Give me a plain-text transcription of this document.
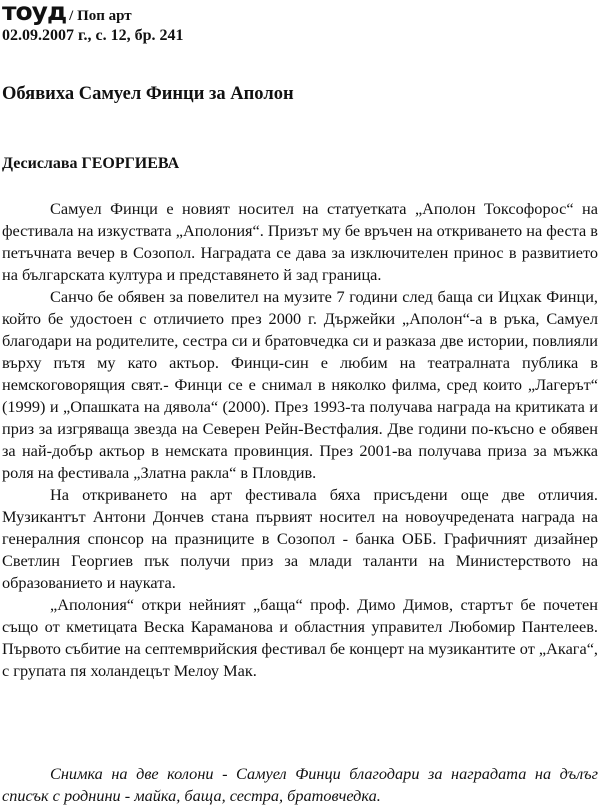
тоуд / Поп арт
02.09.2007 г., с. 12, бр. 241
Обявиха Самуел Финци за Аполон
Десислава ГЕОРГИЕВА

Самуел Финци е новият носител на статуетката „Аполон Токсофорос“ на фестивала на изкуствата „Аполония“. Призът му бе връчен на откриването на феста в петъчната вечер в Созопол. Наградата се дава за изключителен принос в развитието на българската култура и представянето й зад граница.

Санчо бе обявен за повелител на музите 7 години след баща си Ицхак Финци, който бе удостоен с отличието през 2000 г. Държейки „Аполон“-а в ръка, Самуел благодари на родителите, сестра си и братовчедка си и разказа две истории, повлияли върху пътя му като актьор. Финци-син е любим на театралната публика в немскоговорящия свят.- Финци се е снимал в няколко филма, сред които „Лагерът“ (1999) и „Опашката на дявола“ (2000). През 1993-та получава награда на критиката и приз за изгряваща звезда на Северен Рейн-Вестфалия. Две години по-късно е обявен за най-добър актьор в немската провинция. През 2001-ва получава приза за мъжка роля на фестивала „Златна ракла“ в Пловдив.

На откриването на арт фестивала бяха присъдени още две отличия. Музикантът Антони Дончев стана първият носител на новоучредената награда на генералния спонсор на празниците в Созопол - банка ОББ. Графичният дизайнер Светлин Георгиев пък получи приз за млади таланти на Министерството на образованието и науката.

„Аполония“ откри нейният „баща“ проф. Димо Димов, стартът бе почетен също от кметицата Веска Караманова и областния управител Любомир Пантелеев. Първото събитие на септемврийския фестивал бе концерт на музикантите от „Акага“, с групата пя холандецът Мелоу Мак.

Снимка на две колони - Самуел Финци благодари за наградата на дълъг списък с роднини - майка, баща, сестра, братовчедка.
